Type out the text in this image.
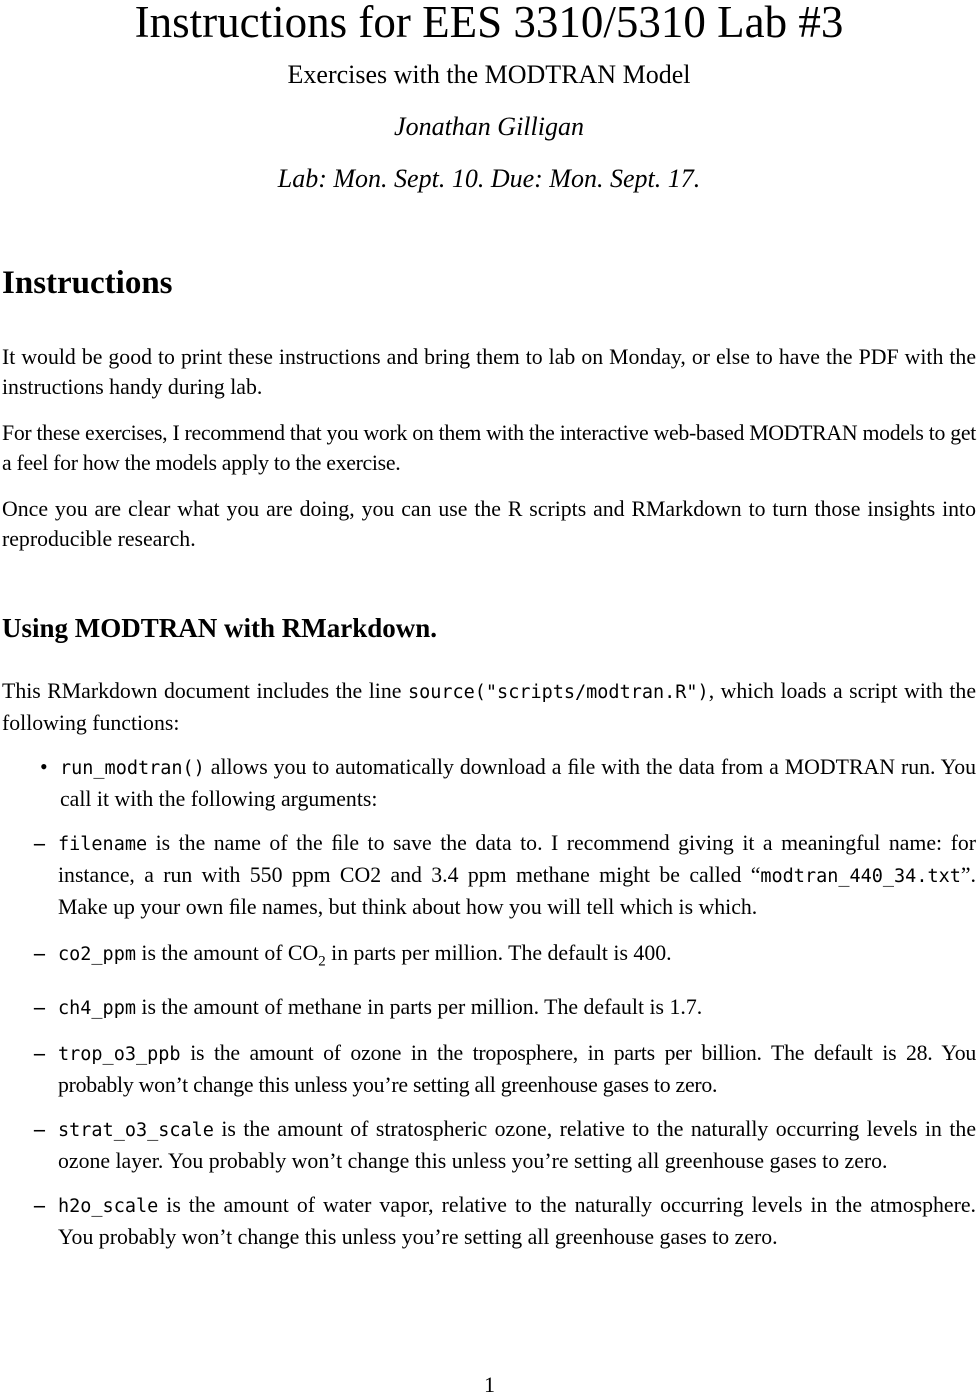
Instructions for EES 3310/5310 Lab #3
Exercises with the MODTRAN Model
Jonathan Gilligan
Lab: Mon. Sept. 10. Due: Mon. Sept. 17.
Instructions

It would be good to print these instructions and bring them to lab on Monday, or else to have the PDF with the instructions handy during lab.

For these exercises, I recommend that you work on them with the interactive web-based MODTRAN models to get a feel for how the models apply to the exercise.

Once you are clear what you are doing, you can use the R scripts and RMarkdown to turn those insights into reproducible research.

Using MODTRAN with RMarkdown.

This RMarkdown document includes the line source("scripts/modtran.R"), which loads a script with the following functions:

• run_modtran() allows you to automatically download a ﬁle with the data from a MODTRAN run. You call it with the following arguments:
– filename is the name of the ﬁle to save the data to. I recommend giving it a meaningful name: for instance, a run with 550 ppm CO2 and 3.4 ppm methane might be called “modtran_440_34.txt”. Make up your own ﬁle names, but think about how you will tell which is which.
– co2_ppm is the amount of $CO_2$ in parts per million. The default is 400.
– ch4_ppm is the amount of methane in parts per million. The default is 1.7.
– trop_o3_ppb is the amount of ozone in the troposphere, in parts per billion. The default is 28. You probably won’t change this unless you’re setting all greenhouse gases to zero.
– strat_o3_scale is the amount of stratospheric ozone, relative to the naturally occurring levels in the ozone layer. You probably won’t change this unless you’re setting all greenhouse gases to zero.
– h2o_scale is the amount of water vapor, relative to the naturally occurring levels in the atmosphere. You probably won’t change this unless you’re setting all greenhouse gases to zero.
1
